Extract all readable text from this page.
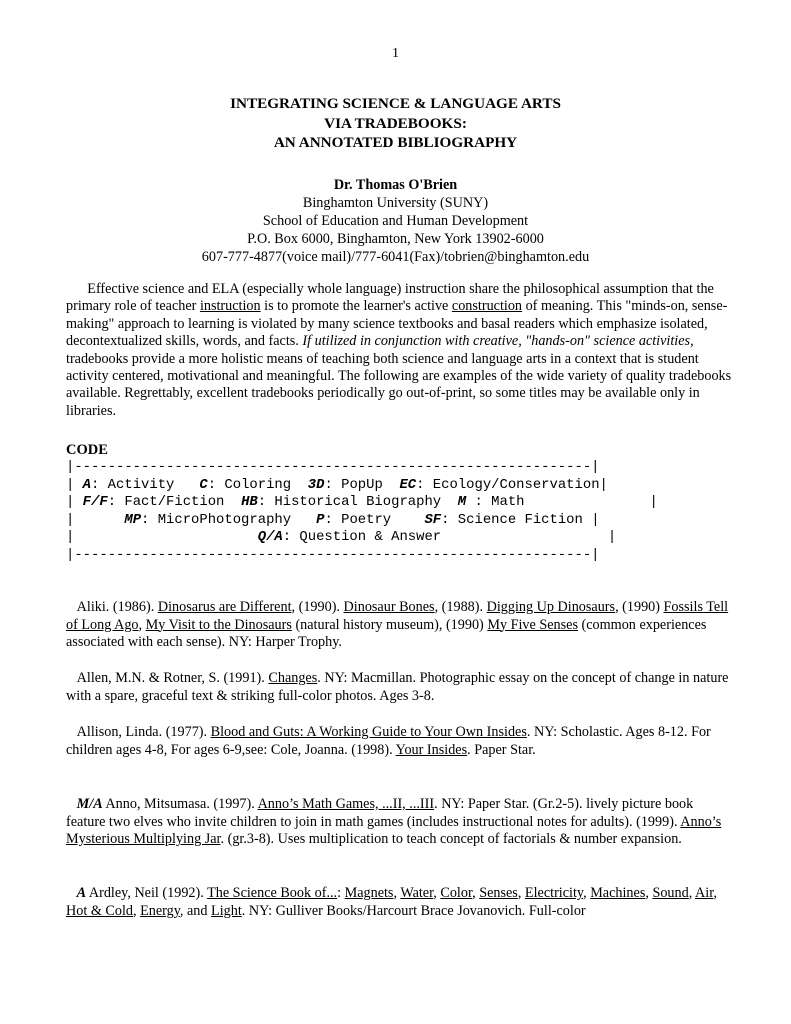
1
INTEGRATING SCIENCE & LANGUAGE ARTS
VIA TRADEBOOKS:
AN ANNOTATED BIBLIOGRAPHY
Dr. Thomas O'Brien
Binghamton University (SUNY)
School of Education and Human Development
P.O. Box 6000, Binghamton, New York 13902-6000
607-777-4877(voice mail)/777-6041(Fax)/tobrien@binghamton.edu

Effective science and ELA (especially whole language) instruction share the philosophical assumption that the primary role of teacher instruction is to promote the learner's active construction of meaning. This "minds-on, sense-making" approach to learning is violated by many science textbooks and basal readers which emphasize isolated, decontextualized skills, words, and facts. If utilized in conjunction with creative, "hands-on" science activities, tradebooks provide a more holistic means of teaching both science and language arts in a context that is student activity centered, motivational and meaningful. The following are examples of the wide variety of quality tradebooks available. Regrettably, excellent tradebooks periodically go out-of-print, so some titles may be available only in libraries.

CODE
|--------------------------------------------------------------|
| A: Activity   C: Coloring  3D: PopUp  EC: Ecology/Conservation|
| F/F: Fact/Fiction  HB: Historical Biography  M : Math               |
|      MP: MicroPhotography   P: Poetry    SF: Science Fiction |
|                      Q/A: Question & Answer                    |
|--------------------------------------------------------------|

Aliki. (1986). Dinosarus are Different, (1990). Dinosaur Bones, (1988). Digging Up Dinosaurs, (1990) Fossils Tell of Long Ago, My Visit to the Dinosaurs (natural history museum), (1990) My Five Senses (common experiences associated with each sense). NY: Harper Trophy.

Allen, M.N. & Rotner, S. (1991). Changes. NY: Macmillan. Photographic essay on the concept of change in nature with a spare, graceful text & striking full-color photos. Ages 3-8.

Allison, Linda. (1977). Blood and Guts: A Working Guide to Your Own Insides. NY: Scholastic. Ages 8-12. For children ages 4-8, For ages 6-9,see: Cole, Joanna. (1998). Your Insides. Paper Star.

M/A Anno, Mitsumasa. (1997). Anno’s Math Games, ...II, ...III. NY: Paper Star. (Gr.2-5). lively picture book feature two elves who invite children to join in math games (includes instructional notes for adults). (1999). Anno’s Mysterious Multiplying Jar. (gr.3-8). Uses multiplication to teach concept of factorials & number expansion.

A Ardley, Neil (1992). The Science Book of...: Magnets, Water, Color, Senses, Electricity, Machines, Sound, Air, Hot & Cold, Energy, and Light. NY: Gulliver Books/Harcourt Brace Jovanovich. Full-color
